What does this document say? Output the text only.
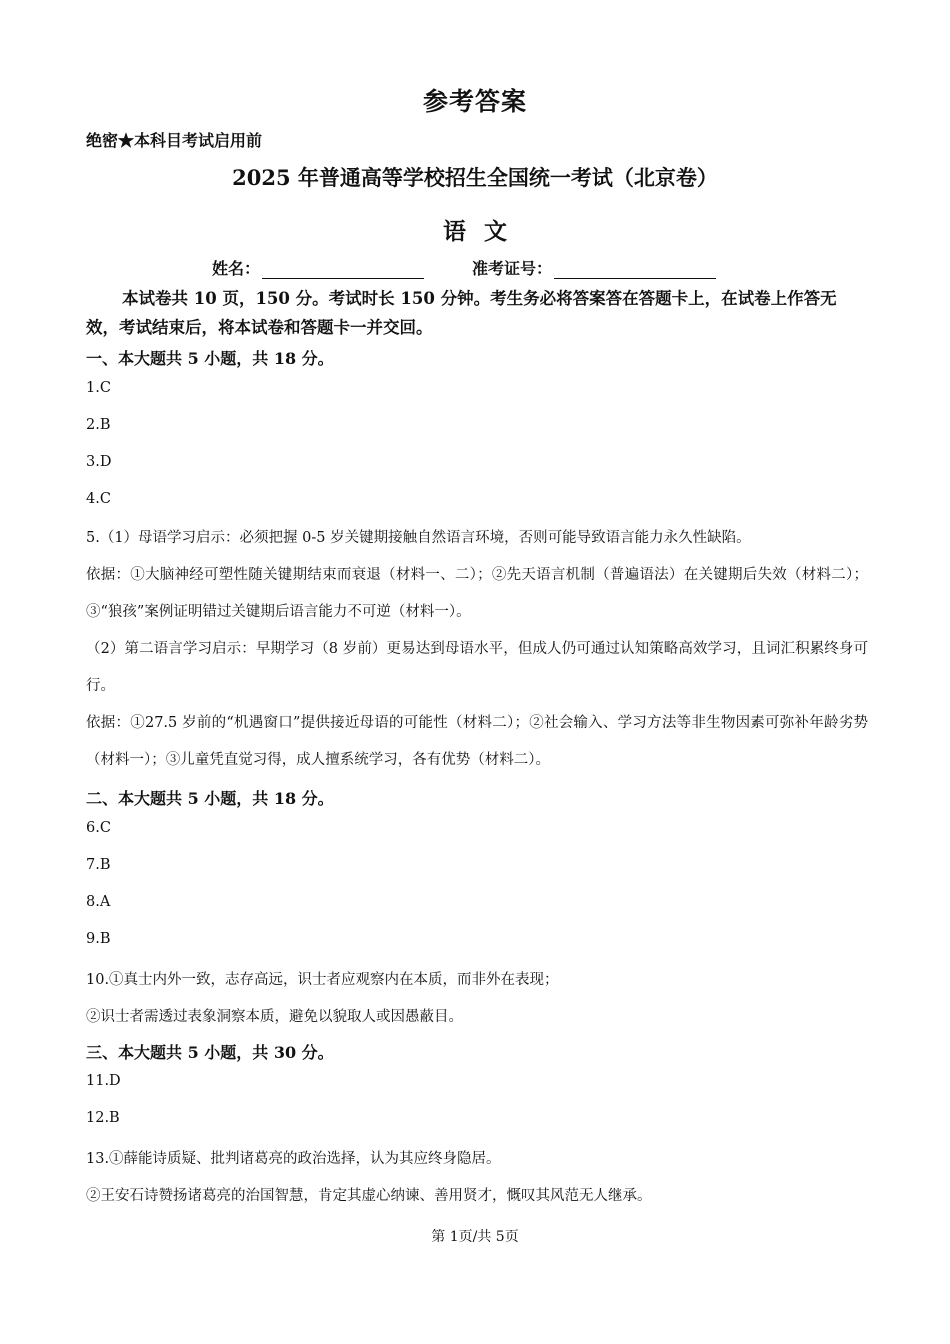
参考答案
绝密★本科目考试启用前
2025 年普通高等学校招生全国统一考试（北京卷）
语文
姓名：	准考证号：
本试卷共 10 页，150 分。考试时长 150 分钟。考生务必将答案答在答题卡上，在试卷上作答无效，考试结束后，将本试卷和答题卡一并交回。
一、本大题共 5 小题，共 18 分。
1.C
2.B
3.D
4.C
5.（1）母语学习启示：必须把握 0-5 岁关键期接触自然语言环境，否则可能导致语言能力永久性缺陷。
依据：①大脑神经可塑性随关键期结束而衰退（材料一、二）；②先天语言机制（普遍语法）在关键期后失效（材料二）；③“狼孩”案例证明错过关键期后语言能力不可逆（材料一）。
（2）第二语言学习启示：早期学习（8 岁前）更易达到母语水平，但成人仍可通过认知策略高效学习，且词汇积累终身可行。
依据：①27.5 岁前的“机遇窗口”提供接近母语的可能性（材料二）；②社会输入、学习方法等非生物因素可弥补年龄劣势（材料一）；③儿童凭直觉习得，成人擅系统学习，各有优势（材料二）。
二、本大题共 5 小题，共 18 分。
6.C
7.B
8.A
9.B
10.①真士内外一致，志存高远，识士者应观察内在本质，而非外在表现；
②识士者需透过表象洞察本质，避免以貌取人或因愚蔽目。
三、本大题共 5 小题，共 30 分。
11.D
12.B
13.①薛能诗质疑、批判诸葛亮的政治选择，认为其应终身隐居。
②王安石诗赞扬诸葛亮的治国智慧，肯定其虚心纳谏、善用贤才，慨叹其风范无人继承。
第 1页/共 5页
